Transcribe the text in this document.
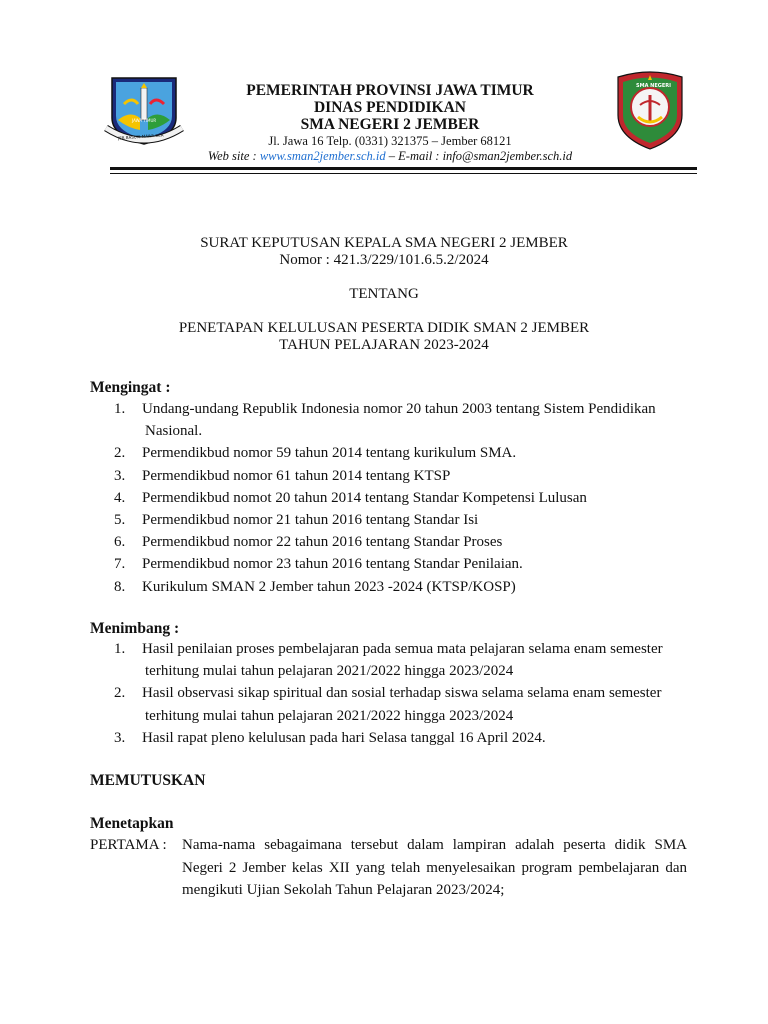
JAWA TIMUR
JER BASUKI MAWA BEA
SMA NEGERI
PEMERINTAH PROVINSI JAWA TIMUR
DINAS PENDIDIKAN
SMA NEGERI 2 JEMBER
Jl. Jawa 16 Telp. (0331) 321375 – Jember 68121
Web site : www.sman2jember.sch.id – E-mail : info@sman2jember.sch.id
SURAT KEPUTUSAN KEPALA SMA NEGERI 2 JEMBER
Nomor : 421.3/229/101.6.5.2/2024
TENTANG
PENETAPAN KELULUSAN PESERTA DIDIK SMAN 2 JEMBER
TAHUN PELAJARAN 2023-2024
Mengingat :
1.	Undang-undang Republik Indonesia nomor 20 tahun 2003 tentang Sistem Pendidikan
Nasional.
2.	Permendikbud nomor 59 tahun 2014 tentang kurikulum SMA.
3.	Permendikbud nomor 61 tahun 2014 tentang KTSP
4.	Permendikbud nomot 20 tahun 2014 tentang Standar Kompetensi Lulusan
5.	Permendikbud nomor 21 tahun 2016 tentang Standar Isi
6.	Permendikbud nomor 22 tahun 2016 tentang Standar Proses
7.	Permendikbud nomor 23 tahun 2016 tentang Standar Penilaian.
8.	Kurikulum SMAN 2 Jember tahun 2023 -2024 (KTSP/KOSP)
Menimbang :
1.	Hasil penilaian proses pembelajaran pada semua mata pelajaran selama enam semester
terhitung mulai tahun pelajaran 2021/2022 hingga 2023/2024
2.	Hasil observasi sikap spiritual dan sosial terhadap siswa selama selama enam semester
terhitung mulai tahun pelajaran 2021/2022 hingga 2023/2024
3.	Hasil rapat pleno kelulusan pada hari Selasa tanggal 16 April 2024.
MEMUTUSKAN
Menetapkan
PERTAMA : Nama-nama sebagaimana tersebut dalam lampiran adalah peserta didik SMA Negeri 2 Jember kelas XII yang telah menyelesaikan program pembelajaran dan mengikuti Ujian Sekolah Tahun Pelajaran 2023/2024;
